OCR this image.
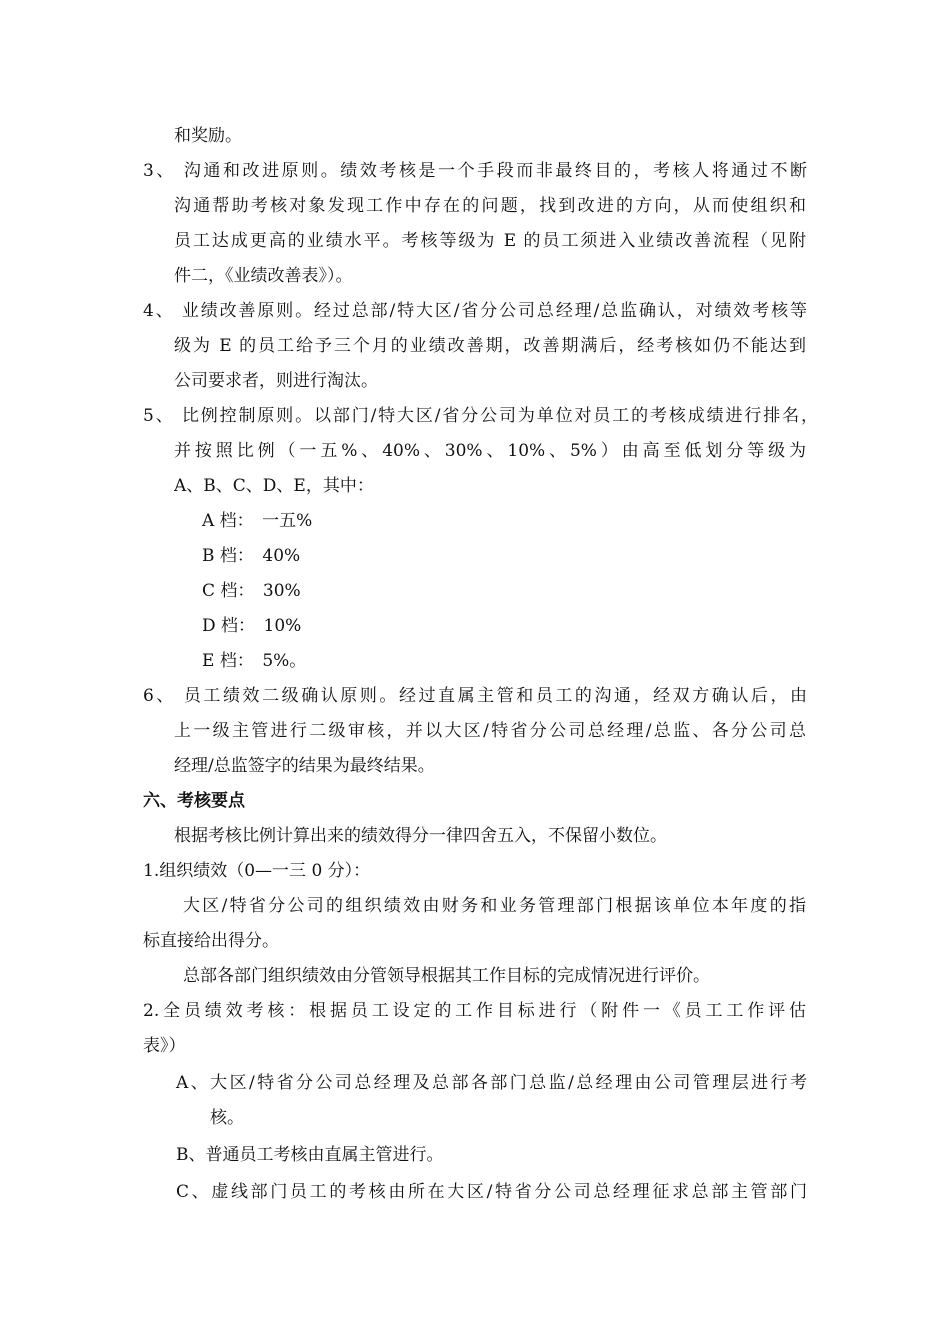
和奖励。
3、 沟通和改进原则。绩效考核是一个手段而非最终目的，考核人将通过不断
沟通帮助考核对象发现工作中存在的问题，找到改进的方向，从而使组织和
员工达成更高的业绩水平。考核等级为 E 的员工须进入业绩改善流程（见附
件二，《业绩改善表》）。
4、 业绩改善原则。经过总部/特大区/省分公司总经理/总监确认，对绩效考核等
级为 E 的员工给予三个月的业绩改善期，改善期满后，经考核如仍不能达到
公司要求者，则进行淘汰。
5、 比例控制原则。以部门/特大区/省分公司为单位对员工的考核成绩进行排名，
并按照比例（一五%、40%、30%、10%、5%）由高至低划分等级为
A、B、C、D、E，其中：
A 档：　一五%
B 档：　40%
C 档：　30%
D 档：　10%
E 档：　5%。
6、 员工绩效二级确认原则。经过直属主管和员工的沟通，经双方确认后，由
上一级主管进行二级审核，并以大区/特省分公司总经理/总监、各分公司总
经理/总监签字的结果为最终结果。
六、考核要点
根据考核比例计算出来的绩效得分一律四舍五入，不保留小数位。
1.组织绩效（0—一三 0 分）：
大区/特省分公司的组织绩效由财务和业务管理部门根据该单位本年度的指
标直接给出得分。
总部各部门组织绩效由分管领导根据其工作目标的完成情况进行评价。
2.全员绩效考核：根据员工设定的工作目标进行（附件一《员工工作评估
表》）
A、大区/特省分公司总经理及总部各部门总监/总经理由公司管理层进行考
核。
B、普通员工考核由直属主管进行。
C、虚线部门员工的考核由所在大区/特省分公司总经理征求总部主管部门
